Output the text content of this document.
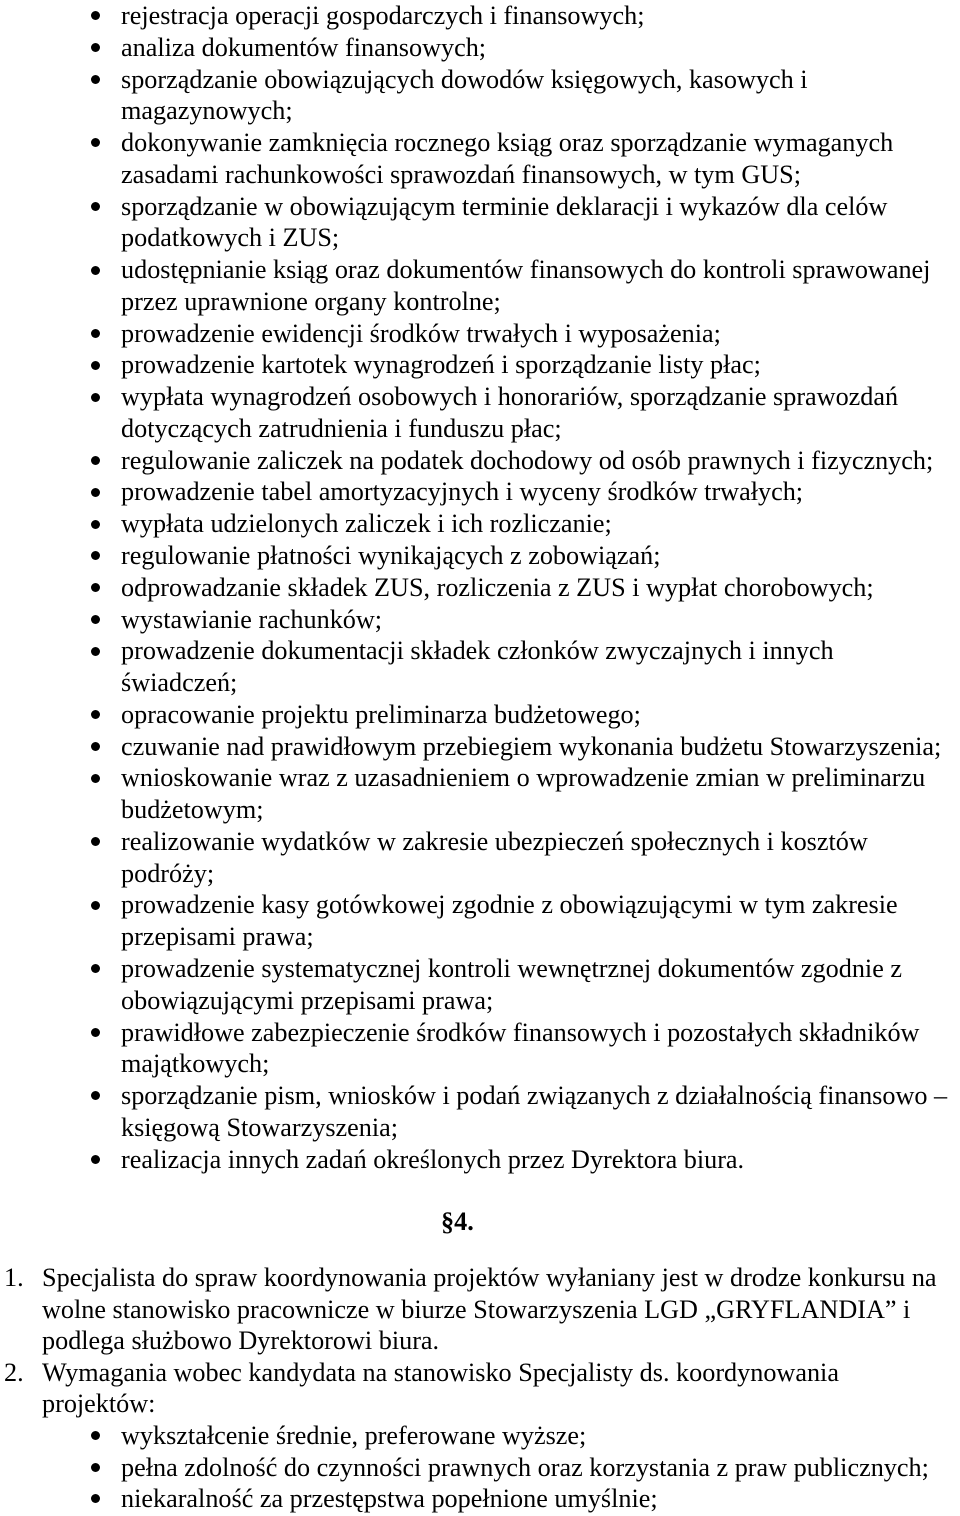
rejestracja operacji gospodarczych i finansowych;
analiza dokumentów finansowych;
sporządzanie obowiązujących dowodów księgowych, kasowych i
magazynowych;
dokonywanie zamknięcia rocznego ksiąg oraz sporządzanie wymaganych
zasadami rachunkowości sprawozdań finansowych, w tym GUS;
sporządzanie w obowiązującym terminie deklaracji i wykazów dla celów
podatkowych i ZUS;
udostępnianie ksiąg oraz dokumentów finansowych do kontroli sprawowanej
przez uprawnione organy kontrolne;
prowadzenie ewidencji środków trwałych i wyposażenia;
prowadzenie kartotek wynagrodzeń i sporządzanie listy płac;
wypłata wynagrodzeń osobowych i honorariów, sporządzanie sprawozdań
dotyczących zatrudnienia i funduszu płac;
regulowanie zaliczek na podatek dochodowy od osób prawnych i fizycznych;
prowadzenie tabel amortyzacyjnych i wyceny środków trwałych;
wypłata udzielonych zaliczek i ich rozliczanie;
regulowanie płatności wynikających z zobowiązań;
odprowadzanie składek ZUS, rozliczenia z ZUS i wypłat chorobowych;
wystawianie rachunków;
prowadzenie dokumentacji składek członków zwyczajnych i innych
świadczeń;
opracowanie projektu preliminarza budżetowego;
czuwanie nad prawidłowym przebiegiem wykonania budżetu Stowarzyszenia;
wnioskowanie wraz z uzasadnieniem o wprowadzenie zmian w preliminarzu
budżetowym;
realizowanie wydatków w zakresie ubezpieczeń społecznych i kosztów
podróży;
prowadzenie kasy gotówkowej zgodnie z obowiązującymi w tym zakresie
przepisami prawa;
prowadzenie systematycznej kontroli wewnętrznej dokumentów zgodnie z
obowiązującymi przepisami prawa;
prawidłowe zabezpieczenie środków finansowych i pozostałych składników
majątkowych;
sporządzanie pism, wniosków i podań związanych z działalnością finansowo –
księgową Stowarzyszenia;
realizacja innych zadań określonych przez Dyrektora biura.
§4.
1. Specjalista do spraw koordynowania projektów wyłaniany jest w drodze konkursu na
wolne stanowisko pracownicze w biurze Stowarzyszenia LGD „GRYFLANDIA” i
podlega służbowo Dyrektorowi biura.
2. Wymagania wobec kandydata na stanowisko Specjalisty ds. koordynowania
projektów:
wykształcenie średnie, preferowane wyższe;
pełna zdolność do czynności prawnych oraz korzystania z praw publicznych;
niekaralność za przestępstwa popełnione umyślnie;
